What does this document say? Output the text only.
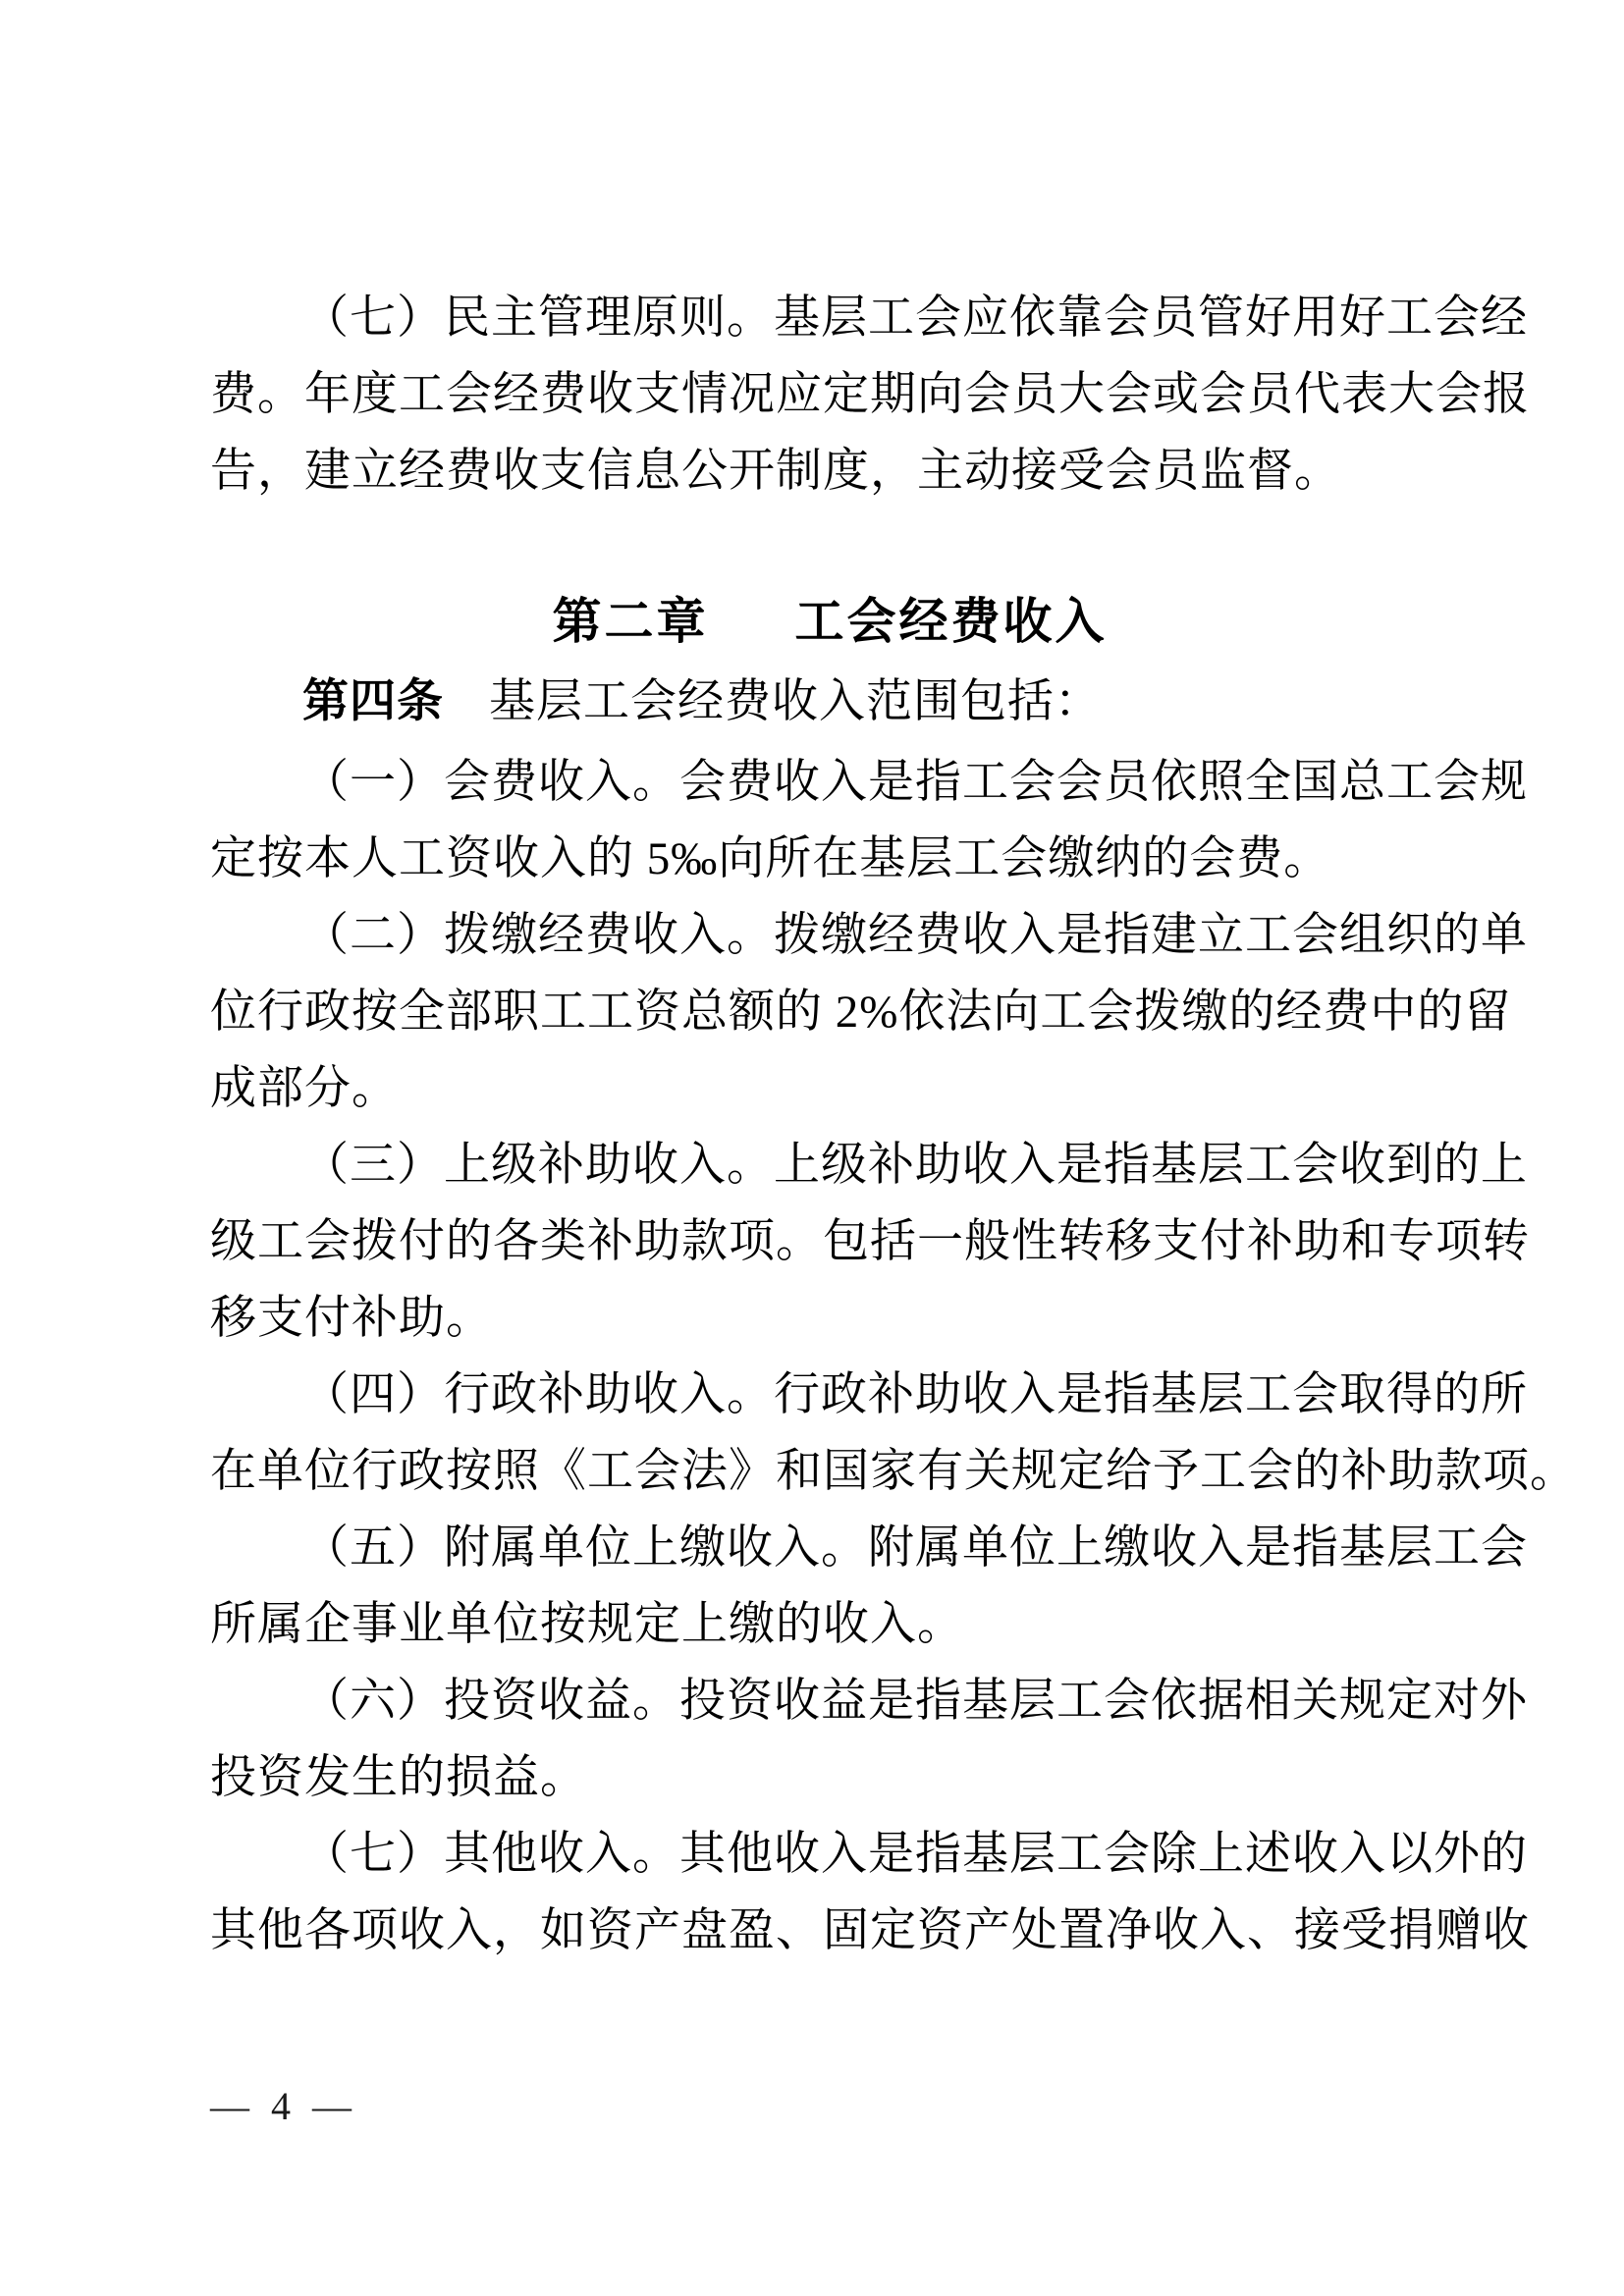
（七）民主管理原则。基层工会应依靠会员管好用好工会经

费。年度工会经费收支情况应定期向会员大会或会员代表大会报

告，建立经费收支信息公开制度，主动接受会员监督。

第二章 工会经费收入

第四条 基层工会经费收入范围包括：

（一）会费收入。会费收入是指工会会员依照全国总工会规

定按本人工资收入的 5‰向所在基层工会缴纳的会费。

（二）拨缴经费收入。拨缴经费收入是指建立工会组织的单

位行政按全部职工工资总额的 2%依法向工会拨缴的经费中的留

成部分。

（三）上级补助收入。上级补助收入是指基层工会收到的上

级工会拨付的各类补助款项。包括一般性转移支付补助和专项转

移支付补助。

（四）行政补助收入。行政补助收入是指基层工会取得的所

在单位行政按照《工会法》和国家有关规定给予工会的补助款项。

（五）附属单位上缴收入。附属单位上缴收入是指基层工会

所属企事业单位按规定上缴的收入。

（六）投资收益。投资收益是指基层工会依据相关规定对外

投资发生的损益。

（七）其他收入。其他收入是指基层工会除上述收入以外的

其他各项收入，如资产盘盈、固定资产处置净收入、接受捐赠收

— 4 —
